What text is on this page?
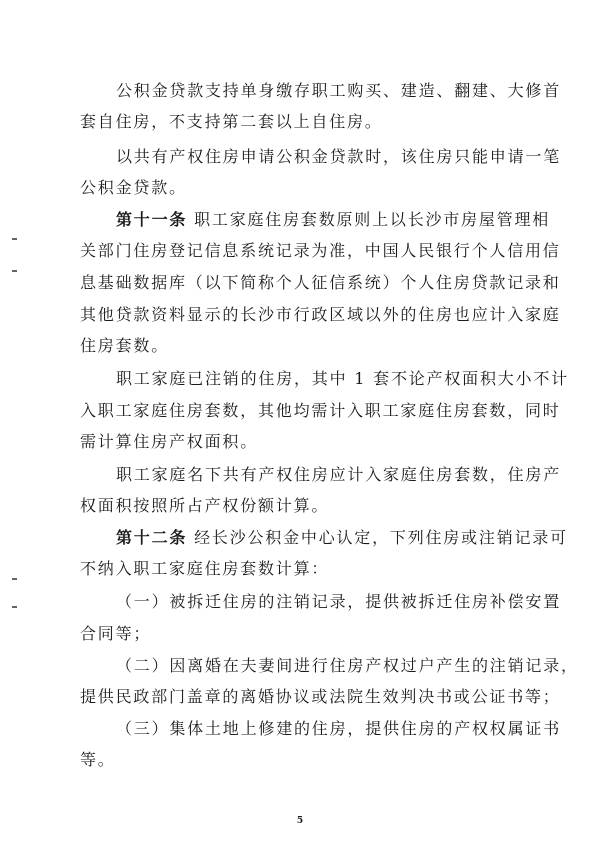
公积金贷款支持单身缴存职工购买、建造、翻建、大修首
套自住房，不支持第二套以上自住房。
以共有产权住房申请公积金贷款时，该住房只能申请一笔
公积金贷款。
第十一条 职工家庭住房套数原则上以长沙市房屋管理相
关部门住房登记信息系统记录为准，中国人民银行个人信用信
息基础数据库（以下简称个人征信系统）个人住房贷款记录和
其他贷款资料显示的长沙市行政区域以外的住房也应计入家庭
住房套数。
职工家庭已注销的住房，其中 1 套不论产权面积大小不计
入职工家庭住房套数，其他均需计入职工家庭住房套数，同时
需计算住房产权面积。
职工家庭名下共有产权住房应计入家庭住房套数，住房产
权面积按照所占产权份额计算。
第十二条 经长沙公积金中心认定，下列住房或注销记录可
不纳入职工家庭住房套数计算：
（一）被拆迁住房的注销记录，提供被拆迁住房补偿安置
合同等；
（二）因离婚在夫妻间进行住房产权过户产生的注销记录，
提供民政部门盖章的离婚协议或法院生效判决书或公证书等；
（三）集体土地上修建的住房，提供住房的产权权属证书
等。
5
